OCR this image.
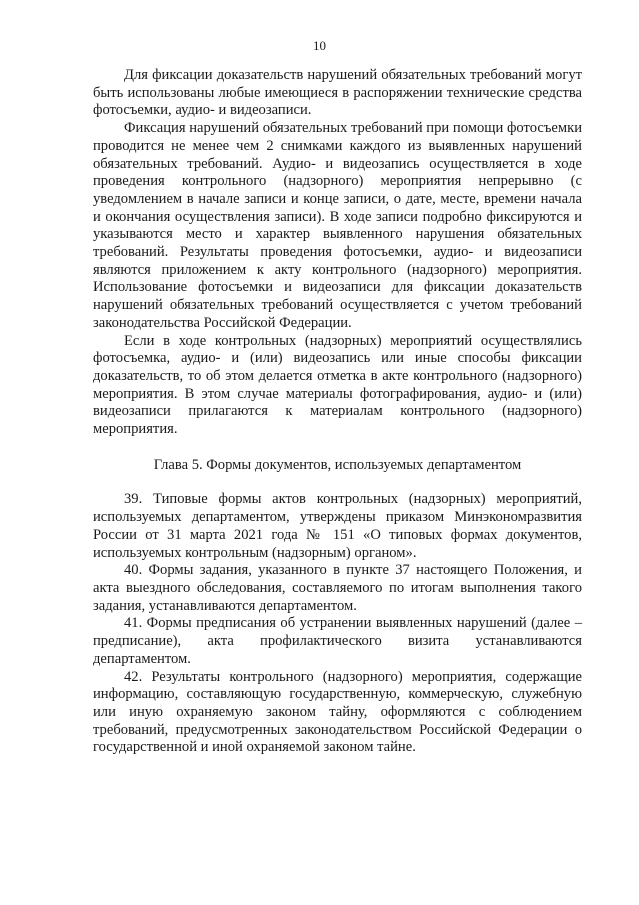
10

Для фиксации доказательств нарушений обязательных требований могут быть использованы любые имеющиеся в распоряжении технические средства фотосъемки, аудио- и видеозаписи.

Фиксация нарушений обязательных требований при помощи фотосъемки проводится не менее чем 2 снимками каждого из выявленных нарушений обязательных требований. Аудио- и видеозапись осуществляется в ходе проведения контрольного (надзорного) мероприятия непрерывно (с уведомлением в начале записи и конце записи, о дате, месте, времени начала и окончания осуществления записи). В ходе записи подробно фиксируются и указываются место и характер выявленного нарушения обязательных требований. Результаты проведения фотосъемки, аудио- и видеозаписи являются приложением к акту контрольного (надзорного) мероприятия. Использование фотосъемки и видеозаписи для фиксации доказательств нарушений обязательных требований осуществляется с учетом требований законодательства Российской Федерации.

Если в ходе контрольных (надзорных) мероприятий осуществлялись фотосъемка, аудио- и (или) видеозапись или иные способы фиксации доказательств, то об этом делается отметка в акте контрольного (надзорного) мероприятия. В этом случае материалы фотографирования, аудио- и (или) видеозаписи прилагаются к материалам контрольного (надзорного) мероприятия.

Глава 5. Формы документов, используемых департаментом

39. Типовые формы актов контрольных (надзорных) мероприятий, используемых департаментом, утверждены приказом Минэкономразвития России от 31 марта 2021 года № 151 «О типовых формах документов, используемых контрольным (надзорным) органом».

40. Формы задания, указанного в пункте 37 настоящего Положения, и акта выездного обследования, составляемого по итогам выполнения такого задания, устанавливаются департаментом.

41. Формы предписания об устранении выявленных нарушений (далее – предписание), акта профилактического визита устанавливаются департаментом.

42. Результаты контрольного (надзорного) мероприятия, содержащие информацию, составляющую государственную, коммерческую, служебную или иную охраняемую законом тайну, оформляются с соблюдением требований, предусмотренных законодательством Российской Федерации о государственной и иной охраняемой законом тайне.
